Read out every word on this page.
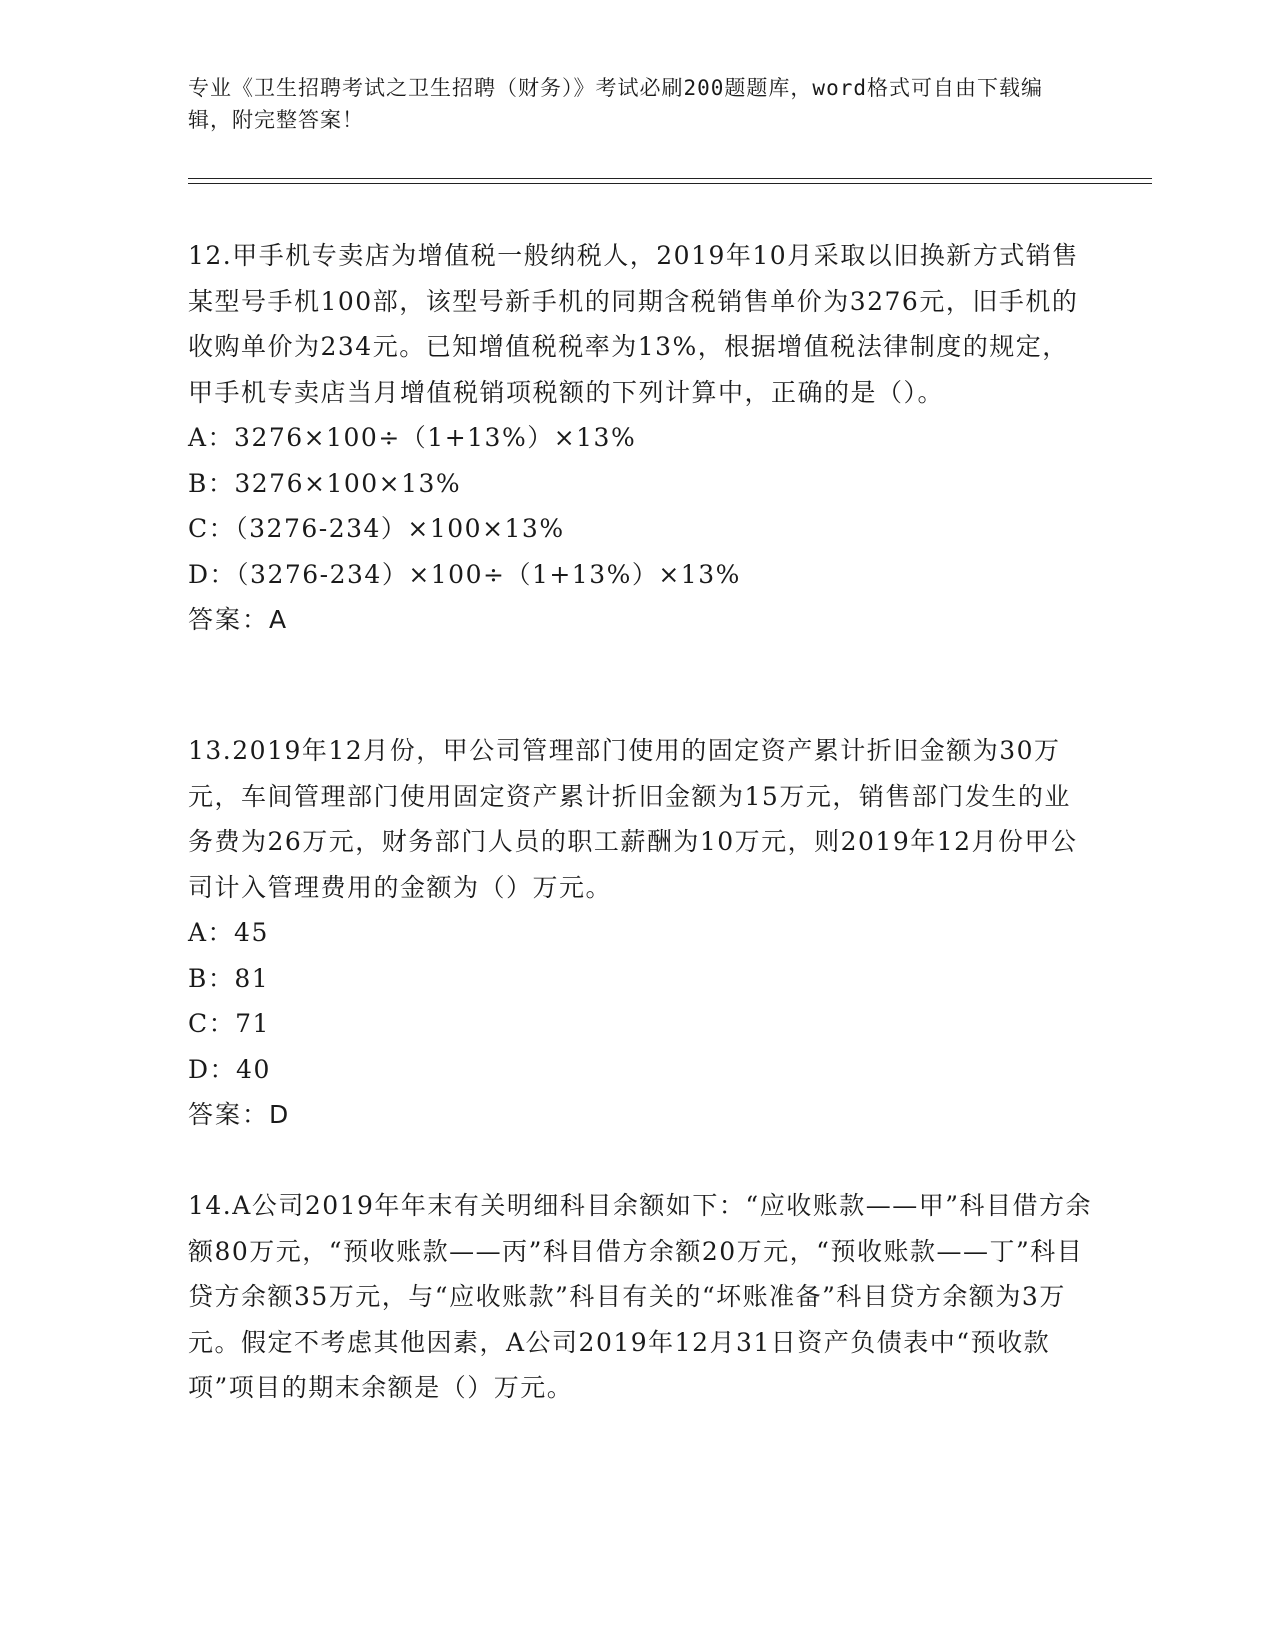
专业《卫生招聘考试之卫生招聘（财务）》考试必刷200题题库，word格式可自由下载编辑，附完整答案！

12.甲手机专卖店为增值税一般纳税人，2019年10月采取以旧换新方式销售某型号手机100部，该型号新手机的同期含税销售单价为3276元，旧手机的收购单价为234元。已知增值税税率为13%，根据增值税法律制度的规定，甲手机专卖店当月增值税销项税额的下列计算中，正确的是（）。

A：3276×100÷（1+13%）×13%

B：3276×100×13%

C：（3276-234）×100×13%

D：（3276-234）×100÷（1+13%）×13%

答案：A

13.2019年12月份，甲公司管理部门使用的固定资产累计折旧金额为30万元，车间管理部门使用固定资产累计折旧金额为15万元，销售部门发生的业务费为26万元，财务部门人员的职工薪酬为10万元，则2019年12月份甲公司计入管理费用的金额为（）万元。

A：45

B：81

C：71

D：40

答案：D

14.A公司2019年年末有关明细科目余额如下：“应收账款——甲”科目借方余额80万元，“预收账款——丙”科目借方余额20万元，“预收账款——丁”科目贷方余额35万元，与“应收账款”科目有关的“坏账准备”科目贷方余额为3万元。假定不考虑其他因素，A公司2019年12月31日资产负债表中“预收款项”项目的期末余额是（）万元。
